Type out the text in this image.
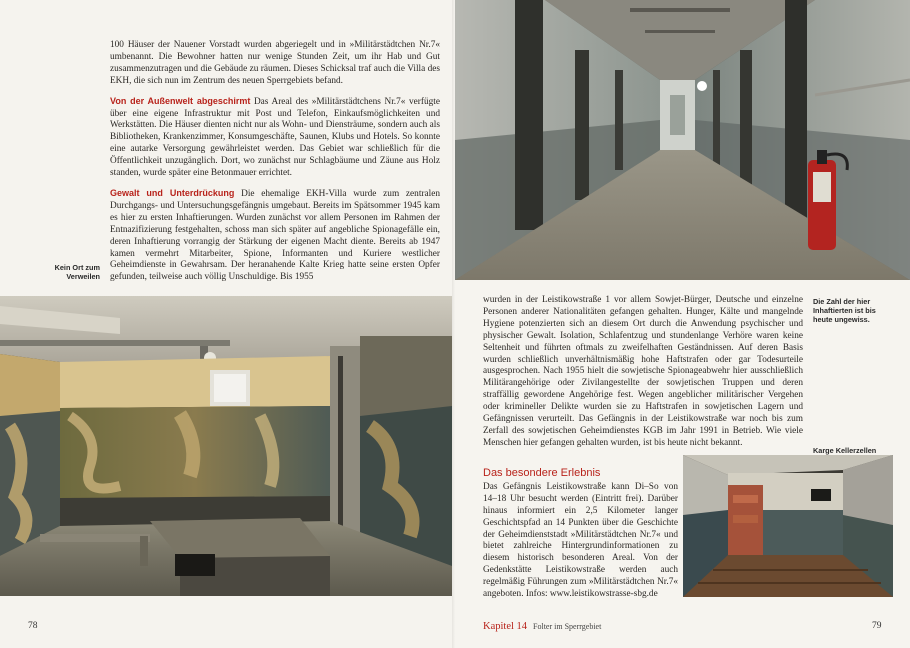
100 Häuser der Nauener Vorstadt wurden abgeriegelt und in »Militärstädtchen Nr.7« umbenannt. Die Bewohner hatten nur wenige Stunden Zeit, um ihr Hab und Gut zusammenzutragen und die Gebäude zu räumen. Dieses Schicksal traf auch die Villa des EKH, die sich nun im Zentrum des neuen Sperrgebiets befand.

Von der Außenwelt abgeschirmt Das Areal des »Militärstädtchens Nr.7« verfügte über eine eigene Infrastruktur mit Post und Telefon, Einkaufsmöglichkeiten und Werkstätten. Die Häuser dienten nicht nur als Wohn- und Diensträume, sondern auch als Bibliotheken, Krankenzimmer, Konsumgeschäfte, Saunen, Klubs und Hotels. So konnte eine autarke Versorgung gewährleistet werden. Das Gebiet war schließlich für die Öffentlichkeit unzugänglich. Dort, wo zunächst nur Schlagbäume und Zäune aus Holz standen, wurde später eine Betonmauer errichtet.

Gewalt und Unterdrückung Die ehemalige EKH-Villa wurde zum zentralen Durchgangs- und Untersuchungsgefängnis umgebaut. Bereits im Spätsommer 1945 kam es hier zu ersten Inhaftierungen. Wurden zunächst vor allem Personen im Rahmen der Entnazifizierung festgehalten, schoss man sich später auf angebliche Spionagefälle ein, deren Inhaftierung vorrangig der Stärkung der eigenen Macht diente. Bereits ab 1947 kamen vermehrt Mitarbeiter, Spione, Informanten und Kuriere westlicher Geheimdienste in Gewahrsam. Der heranahende Kalte Krieg hatte seine ersten Opfer gefunden, teilweise auch völlig Unschuldige. Bis 1955

Kein Ort zum Verweilen
78

wurden in der Leistikowstraße 1 vor allem Sowjet-Bürger, Deutsche und einzelne Personen anderer Nationalitäten gefangen gehalten. Hunger, Kälte und mangelnde Hygiene potenzierten sich an diesem Ort durch die Anwendung psychischer und physischer Gewalt. Isolation, Schlafentzug und stundenlange Verhöre waren keine Seltenheit und führten oftmals zu zweifelhaften Geständnissen. Auf deren Basis wurden schließlich unverhältnismäßig hohe Haftstrafen oder gar Todesurteile ausgesprochen. Nach 1955 hielt die sowjetische Spionageabwehr hier ausschließlich Militärangehörige oder Zivilangestellte der sowjetischen Truppen und deren straffällig gewordene Angehörige fest. Wegen angeblicher militärischer Vergehen oder krimineller Delikte wurden sie zu Haftstrafen in sowjetischen Lagern und Gefängnissen verurteilt. Das Gefängnis in der Leistikowstraße war noch bis zum Zerfall des sowjetischen Geheimdienstes KGB im Jahr 1991 in Betrieb. Wie viele Menschen hier gefangen gehalten wurden, ist bis heute nicht bekannt.

Die Zahl der hier Inhaftierten ist bis heute ungewiss.
Karge Kellerzellen
Das besondere Erlebnis

Das Gefängnis Leistikowstraße kann Di–So von 14–18 Uhr besucht werden (Eintritt frei). Darüber hinaus informiert ein 2,5 Kilometer langer Geschichtspfad an 14 Punkten über die Geschichte der Geheimdienststadt »Militärstädtchen Nr.7« und bietet zahlreiche Hintergrundinformationen zu diesem historisch besonderen Areal. Von der Gedenkstätte Leistikowstraße werden auch regelmäßig Führungen zum »Militärstädtchen Nr.7« angeboten. Infos: www.leistikowstrasse-sbg.de

Kapitel 14 Folter im Sperrgebiet	79
